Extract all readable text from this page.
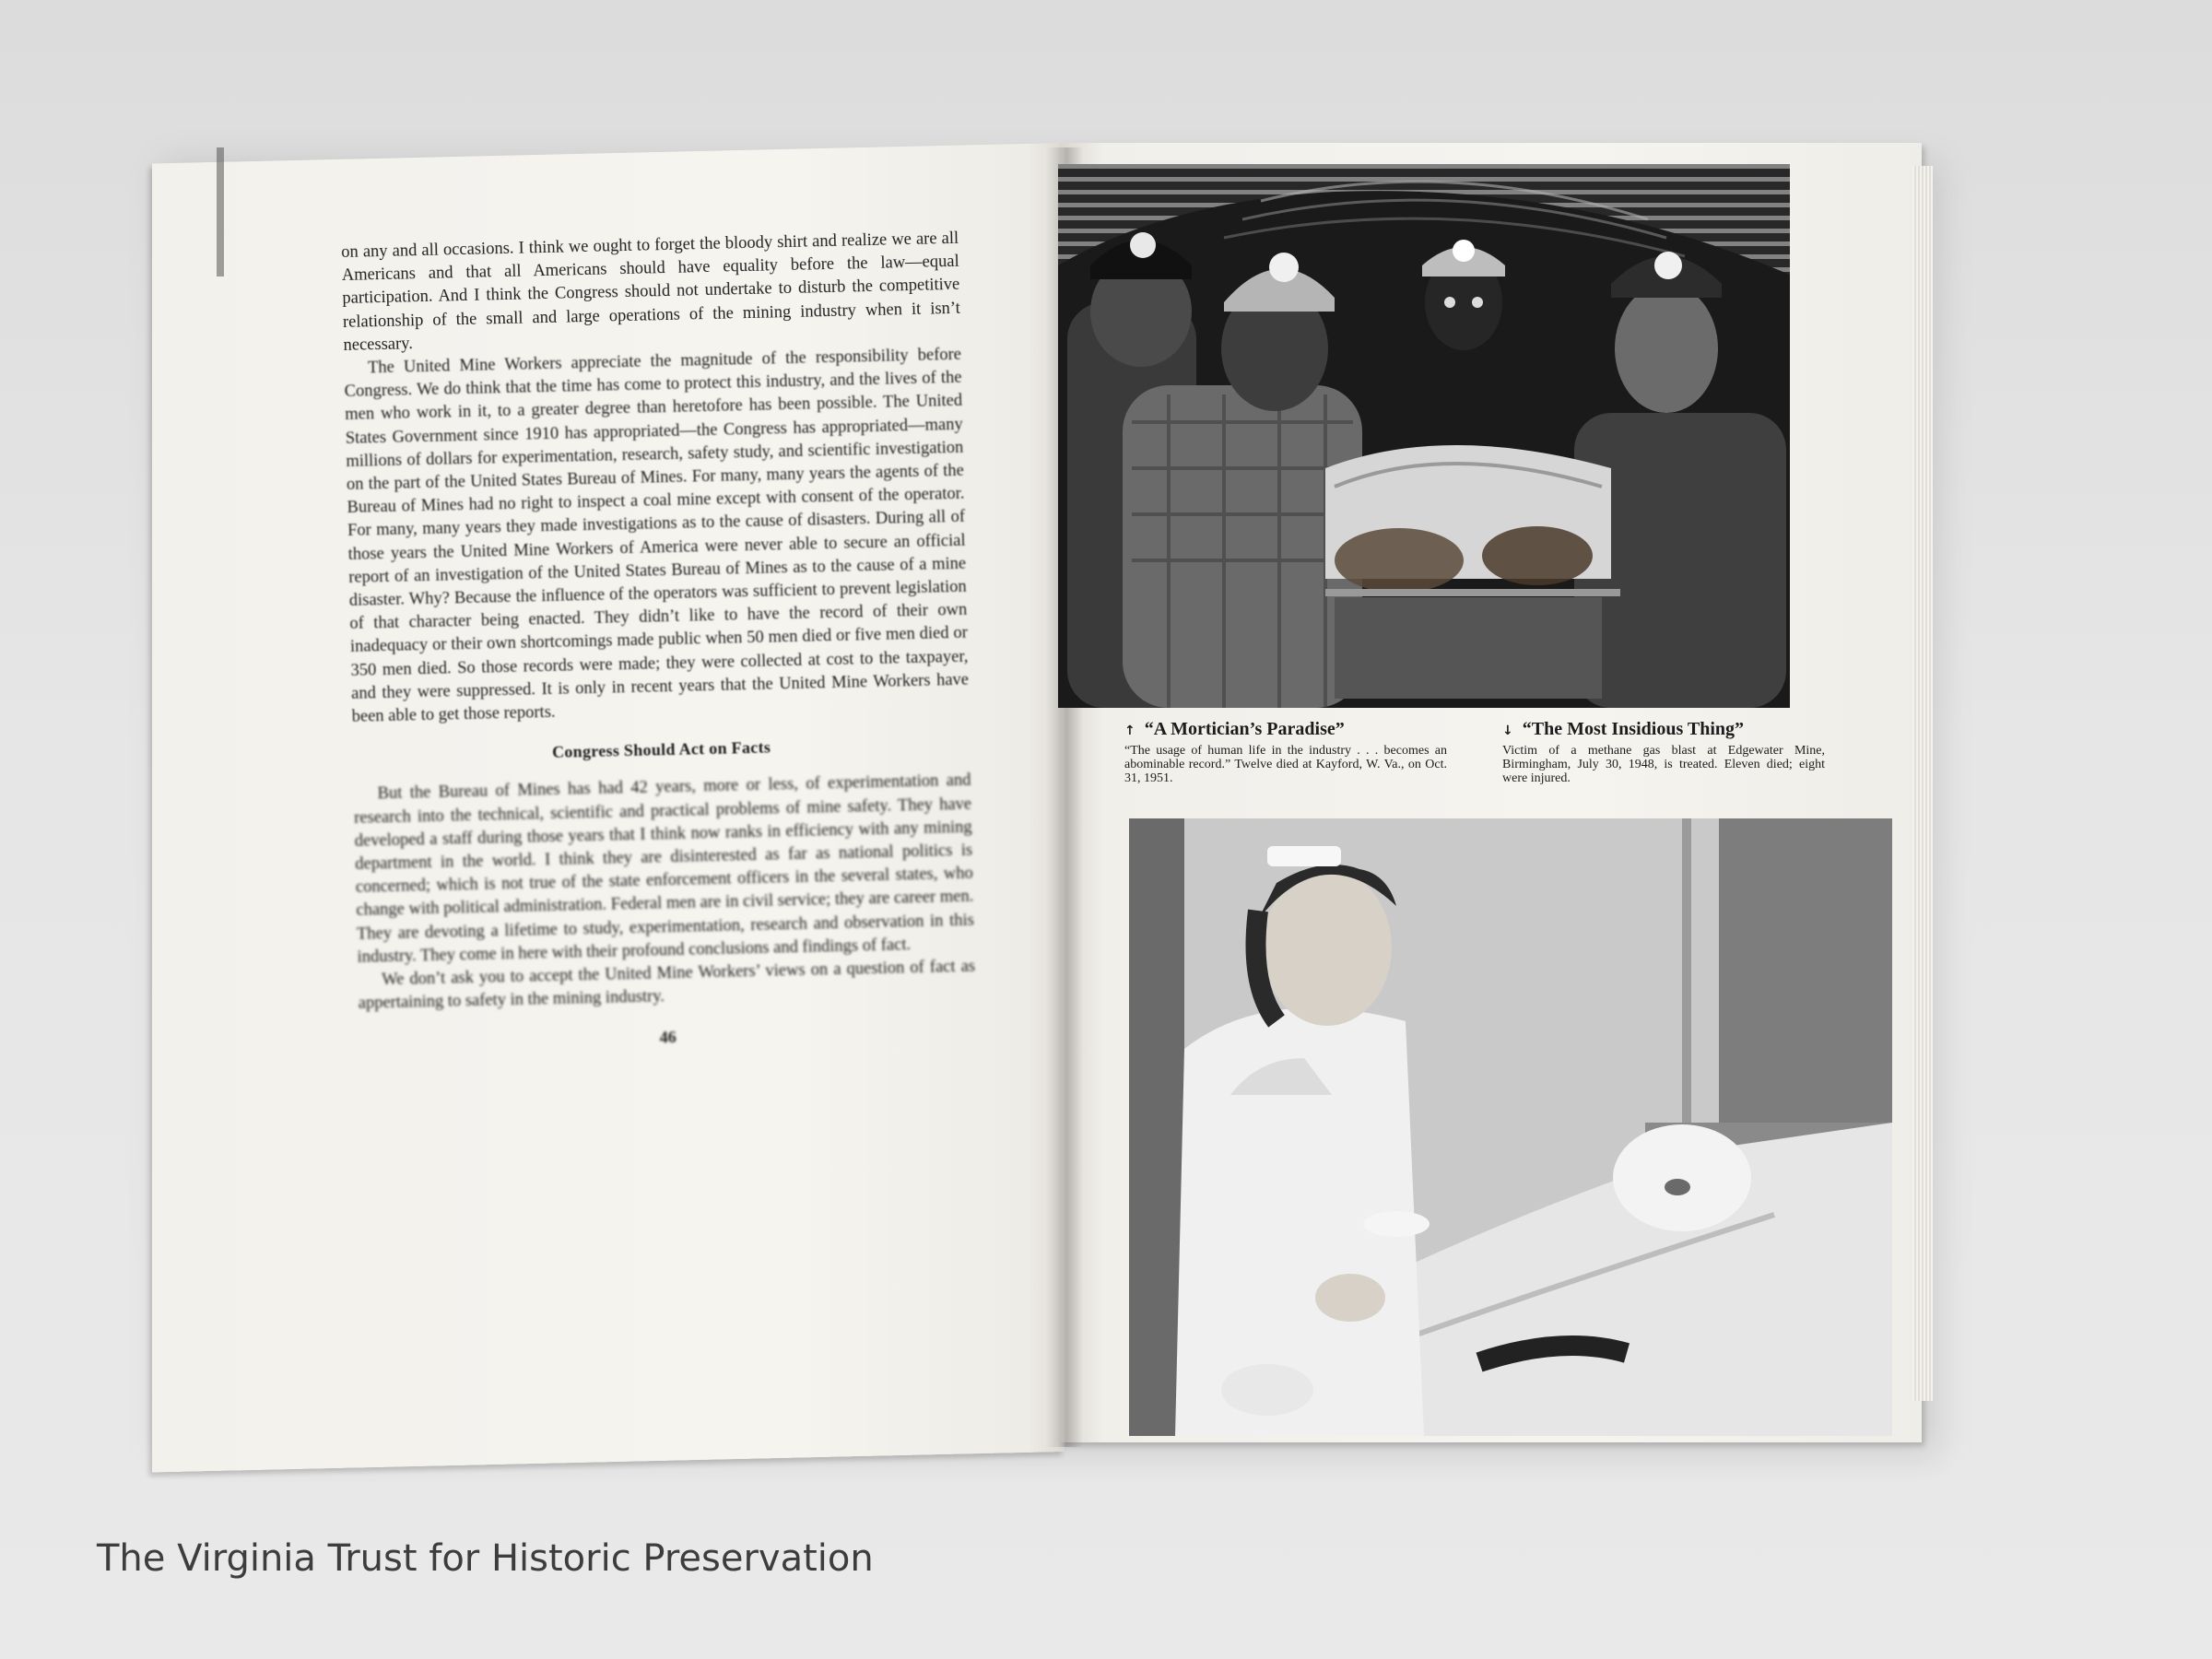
on any and all occasions. I think we ought to forget the bloody shirt and realize we are all Americans and that all Americans should have equality before the law—equal participation. And I think the Congress should not undertake to disturb the competitive relationship of the small and large operations of the mining industry when it isn’t necessary.

The United Mine Workers appreciate the magnitude of the responsibility before Congress. We do think that the time has come to protect this industry, and the lives of the men who work in it, to a greater degree than heretofore has been possible. The United States Government since 1910 has appropriated—the Congress has appropriated—many millions of dollars for experimentation, research, safety study, and scientific investigation on the part of the United States Bureau of Mines. For many, many years the agents of the Bureau of Mines had no right to inspect a coal mine except with consent of the operator. For many, many years they made investigations as to the cause of disasters. During all of those years the United Mine Workers of America were never able to secure an official report of an investigation of the United States Bureau of Mines as to the cause of a mine disaster. Why? Because the influence of the operators was sufficient to prevent legislation of that character being enacted. They didn’t like to have the record of their own inadequacy or their own shortcomings made public when 50 men died or five men died or 350 men died. So those records were made; they were collected at cost to the taxpayer, and they were suppressed. It is only in recent years that the United Mine Workers have been able to get those reports.

Congress Should Act on Facts

But the Bureau of Mines has had 42 years, more or less, of experimentation and research into the technical, scientific and practical problems of mine safety. They have developed a staff during those years that I think now ranks in efficiency with any mining department in the world. I think they are disinterested as far as national politics is concerned; which is not true of the state enforcement officers in the several states, who change with political administration. Federal men are in civil service; they are career men. They are devoting a lifetime to study, experimentation, research and observation in this industry. They come in here with their profound conclusions and findings of fact.

We don’t ask you to accept the United Mine Workers’ views on a question of fact as appertaining to safety in the mining industry.

46
↑ “A Mortician’s Paradise”
“The usage of human life in the industry . . . becomes an abominable record.” Twelve died at Kayford, W. Va., on Oct. 31, 1951.
↓ “The Most Insidious Thing”
Victim of a methane gas blast at Edgewater Mine, Birmingham, July 30, 1948, is treated. Eleven died; eight were injured.
The Virginia Trust for Historic Preservation
